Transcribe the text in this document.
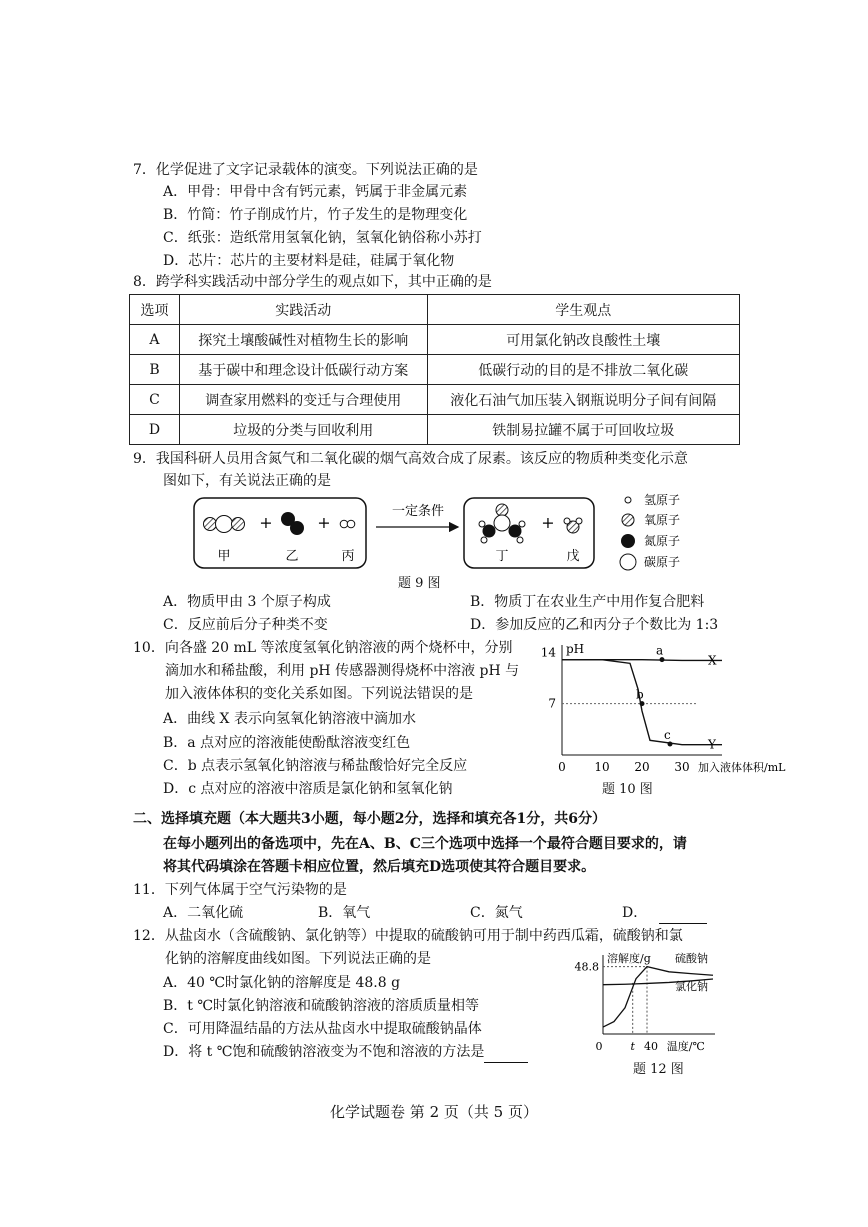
7．化学促进了文字记录载体的演变。下列说法正确的是
A．甲骨：甲骨中含有钙元素，钙属于非金属元素
B．竹简：竹子削成竹片，竹子发生的是物理变化
C．纸张：造纸常用氢氧化钠，氢氧化钠俗称小苏打
D．芯片：芯片的主要材料是硅，硅属于氧化物
8．跨学科实践活动中部分学生的观点如下，其中正确的是
选项	实践活动	学生观点
A	探究土壤酸碱性对植物生长的影响	可用氯化钠改良酸性土壤
B	基于碳中和理念设计低碳行动方案	低碳行动的目的是不排放二氧化碳
C	调查家用燃料的变迁与合理使用	液化石油气加压装入钢瓶说明分子间有间隔
D	垃圾的分类与回收利用	铁制易拉罐不属于可回收垃圾
9．我国科研人员用含氮气和二氧化碳的烟气高效合成了尿素。该反应的物质种类变化示意
图如下，有关说法正确的是
甲
+
乙
+
丙
一定条件
丁
+
戊
氢原子
氧原子
氮原子
碳原子
题 9 图
A．物质甲由 3 个原子构成	B．物质丁在农业生产中用作复合肥料
C．反应前后分子种类不变	D．参加反应的乙和丙分子个数比为 1:3
10．向各盛 20 mL 等浓度氢氧化钠溶液的两个烧杯中，分别
滴加水和稀盐酸，利用 pH 传感器测得烧杯中溶液 pH 与
加入液体体积的变化关系如图。下列说法错误的是
A．曲线 X 表示向氢氧化钠溶液中滴加水
B．a 点对应的溶液能使酚酞溶液变红色
C．b 点表示氢氧化钠溶液与稀盐酸恰好完全反应
D．c 点对应的溶液中溶质是氯化钠和氢氧化钠
pH
加入液体体积/mL
0 10 20 30
7
14
X
Y
a
b
c
题 10 图
二、选择填充题（本大题共3小题，每小题2分，选择和填充各1分，共6分）
在每小题列出的备选项中，先在A、B、C三个选项中选择一个最符合题目要求的，请
将其代码填涂在答题卡相应位置，然后填充D选项使其符合题目要求。
11．下列气体属于空气污染物的是
A．二氧化硫	B．氧气	C．氮气	D．
12．从盐卤水（含硫酸钠、氯化钠等）中提取的硫酸钠可用于制中药西瓜霜，硫酸钠和氯
化钠的溶解度曲线如图。下列说法正确的是
A．40 ℃时氯化钠的溶解度是 48.8 g
B．t ℃时氯化钠溶液和硫酸钠溶液的溶质质量相等
C．可用降温结晶的方法从盐卤水中提取硫酸钠晶体
D．将 t ℃饱和硫酸钠溶液变为不饱和溶液的方法是
溶解度/g
温度/℃
48.8
0	t 40
硫酸钠
氯化钠
题 12 图
化学试题卷 第 2 页（共 5 页）
